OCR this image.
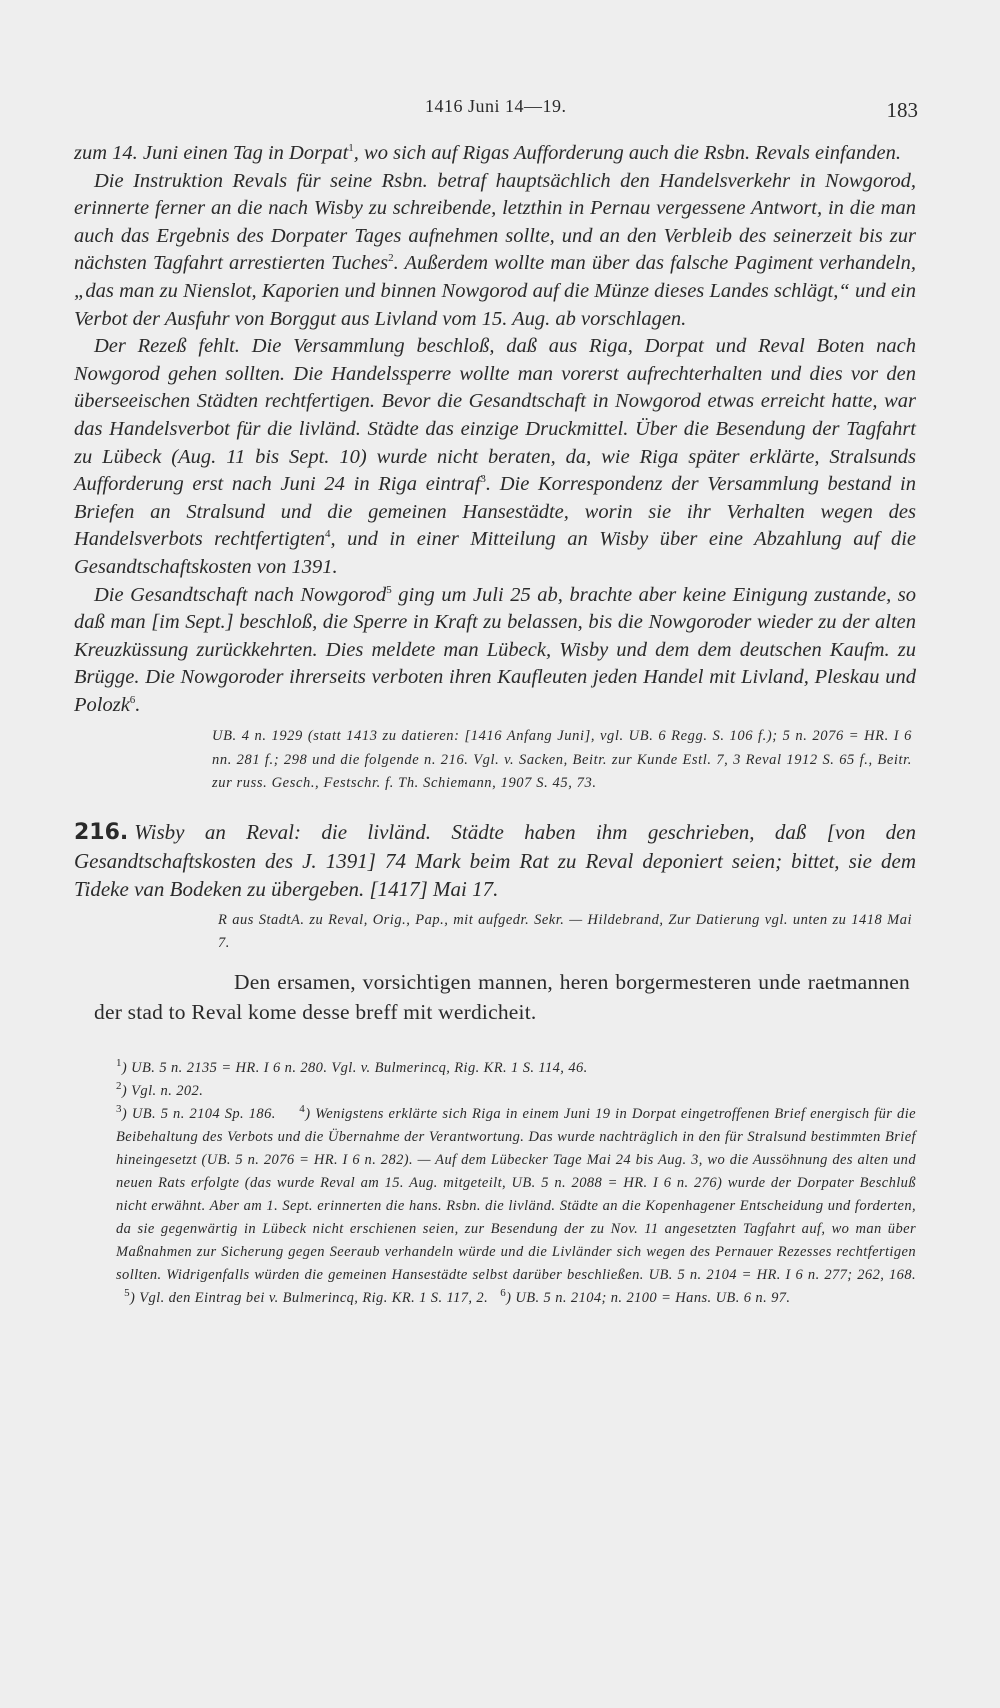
1416 Juni 14—19.	183

zum 14. Juni einen Tag in Dorpat$^1$, wo sich auf Rigas Aufforderung auch die Rsbn. Revals einfanden.

Die Instruktion Revals für seine Rsbn. betraf hauptsächlich den Handelsverkehr in Nowgorod, erinnerte ferner an die nach Wisby zu schreibende, letzthin in Pernau vergessene Antwort, in die man auch das Ergebnis des Dorpater Tages aufnehmen sollte, und an den Verbleib des seinerzeit bis zur nächsten Tagfahrt arrestierten Tuches$^2$. Außerdem wollte man über das falsche Pagiment verhandeln, „das man zu Nienslot, Kaporien und binnen Nowgorod auf die Münze dieses Landes schlägt,“ und ein Verbot der Ausfuhr von Borggut aus Livland vom 15. Aug. ab vorschlagen.

Der Rezeß fehlt. Die Versammlung beschloß, daß aus Riga, Dorpat und Reval Boten nach Nowgorod gehen sollten. Die Handelssperre wollte man vorerst aufrechterhalten und dies vor den überseeischen Städten rechtfertigen. Bevor die Gesandtschaft in Nowgorod etwas erreicht hatte, war das Handelsverbot für die livländ. Städte das einzige Druckmittel. Über die Besendung der Tagfahrt zu Lübeck (Aug. 11 bis Sept. 10) wurde nicht beraten, da, wie Riga später erklärte, Stralsunds Aufforderung erst nach Juni 24 in Riga eintraf$^3$. Die Korrespondenz der Versammlung bestand in Briefen an Stralsund und die gemeinen Hansestädte, worin sie ihr Verhalten wegen des Handelsverbots rechtfertigten$^4$, und in einer Mitteilung an Wisby über eine Abzahlung auf die Gesandtschaftskosten von 1391.

Die Gesandtschaft nach Nowgorod$^5$ ging um Juli 25 ab, brachte aber keine Einigung zustande, so daß man [im Sept.] beschloß, die Sperre in Kraft zu belassen, bis die Nowgoroder wieder zu der alten Kreuzküssung zurückkehrten. Dies meldete man Lübeck, Wisby und dem dem deutschen Kaufm. zu Brügge. Die Nowgoroder ihrerseits verboten ihren Kaufleuten jeden Handel mit Livland, Pleskau und Polozk$^6$.

UB. 4 n. 1929 (statt 1413 zu datieren: [1416 Anfang Juni], vgl. UB. 6 Regg. S. 106 f.); 5 n. 2076 = HR. I 6 nn. 281 f.; 298 und die folgende n. 216. Vgl. v. Sacken, Beitr. zur Kunde Estl. 7, 3 Reval 1912 S. 65 f., Beitr. zur russ. Gesch., Festschr. f. Th. Schiemann, 1907 S. 45, 73.

216. Wisby an Reval: die livländ. Städte haben ihm geschrieben, daß [von den Gesandtschaftskosten des J. 1391] 74 Mark beim Rat zu Reval deponiert seien; bittet, sie dem Tideke van Bodeken zu übergeben. [1417] Mai 17.

R aus StadtA. zu Reval, Orig., Pap., mit aufgedr. Sekr. — Hildebrand, Zur Datierung vgl. unten zu 1418 Mai 7.

Den ersamen, vorsichtigen mannen, heren borgermesteren unde raetmannen der stad to Reval kome desse breff mit werdicheit.

$^1$) UB. 5 n. 2135 = HR. I 6 n. 280. Vgl. v. Bulmerincq, Rig. KR. 1 S. 114, 46.

$^2$) Vgl. n. 202.

$^3$) UB. 5 n. 2104 Sp. 186. $^4$) Wenigstens erklärte sich Riga in einem Juni 19 in Dorpat eingetroffenen Brief energisch für die Beibehaltung des Verbots und die Übernahme der Verantwortung. Das wurde nachträglich in den für Stralsund bestimmten Brief hineingesetzt (UB. 5 n. 2076 = HR. I 6 n. 282). — Auf dem Lübecker Tage Mai 24 bis Aug. 3, wo die Aussöhnung des alten und neuen Rats erfolgte (das wurde Reval am 15. Aug. mitgeteilt, UB. 5 n. 2088 = HR. I 6 n. 276) wurde der Dorpater Beschluß nicht erwähnt. Aber am 1. Sept. erinnerten die hans. Rsbn. die livländ. Städte an die Kopenhagener Entscheidung und forderten, da sie gegenwärtig in Lübeck nicht erschienen seien, zur Besendung der zu Nov. 11 angesetzten Tagfahrt auf, wo man über Maßnahmen zur Sicherung gegen Seeraub verhandeln würde und die Livländer sich wegen des Pernauer Rezesses rechtfertigen sollten. Widrigenfalls würden die gemeinen Hansestädte selbst darüber beschließen. UB. 5 n. 2104 = HR. I 6 n. 277; 262, 168.   $^5$) Vgl. den Eintrag bei v. Bulmerincq, Rig. KR. 1 S. 117, 2. $^6$) UB. 5 n. 2104; n. 2100 = Hans. UB. 6 n. 97.
